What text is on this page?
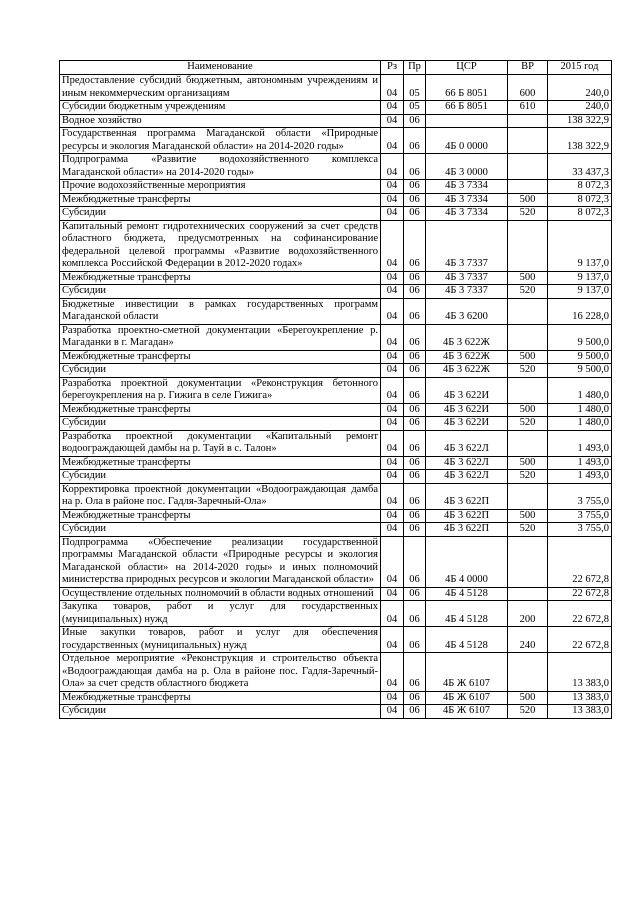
Наименование	Рз	Пр	ЦСР	ВР	2015 год
Предоставление субсидий бюджетным, автономным учреждениям и иным некоммерческим организациям	04	05	66 Б 8051	600	240,0
Субсидии бюджетным учреждениям	04	05	66 Б 8051	610	240,0
Водное хозяйство	04	06			138 322,9
Государственная программа Магаданской области «Природные ресурсы и экология Магаданской области» на 2014-2020 годы»	04	06	4Б 0 0000		138 322,9
Подпрограмма «Развитие водохозяйственного комплекса Магаданской области» на 2014-2020 годы»	04	06	4Б 3 0000		33 437,3
Прочие водохозяйственные мероприятия	04	06	4Б 3 7334		8 072,3
Межбюджетные трансферты	04	06	4Б 3 7334	500	8 072,3
Субсидии	04	06	4Б 3 7334	520	8 072,3
Капитальный ремонт гидротехнических сооружений за счет средств областного бюджета, предусмотренных на софинансирование федеральной целевой программы «Развитие водохозяйственного комплекса Российской Федерации в 2012-2020 годах»	04	06	4Б 3 7337		9 137,0
Межбюджетные трансферты	04	06	4Б 3 7337	500	9 137,0
Субсидии	04	06	4Б 3 7337	520	9 137,0
Бюджетные инвестиции в рамках государственных программ Магаданской области	04	06	4Б 3 6200		16 228,0
Разработка проектно-сметной документации «Берегоукрепление р. Магаданки в г. Магадан»	04	06	4Б 3 622Ж		9 500,0
Межбюджетные трансферты	04	06	4Б 3 622Ж	500	9 500,0
Субсидии	04	06	4Б 3 622Ж	520	9 500,0
Разработка проектной документации «Реконструкция бетонного берегоукрепления на р. Гижига в селе Гижига»	04	06	4Б 3 622И		1 480,0
Межбюджетные трансферты	04	06	4Б 3 622И	500	1 480,0
Субсидии	04	06	4Б 3 622И	520	1 480,0
Разработка проектной документации «Капитальный ремонт водоограждающей дамбы на р. Тауй в с. Талон»	04	06	4Б 3 622Л		1 493,0
Межбюджетные трансферты	04	06	4Б 3 622Л	500	1 493,0
Субсидии	04	06	4Б 3 622Л	520	1 493,0
Корректировка проектной документации «Водоограждающая дамба на р. Ола в районе пос. Гадля-Заречный-Ола»	04	06	4Б 3 622П		3 755,0
Межбюджетные трансферты	04	06	4Б 3 622П	500	3 755,0
Субсидии	04	06	4Б 3 622П	520	3 755,0
Подпрограмма «Обеспечение реализации государственной программы Магаданской области «Природные ресурсы и экология Магаданской области» на 2014-2020 годы» и иных полномочий министерства природных ресурсов и экологии Магаданской области»	04	06	4Б 4 0000		22 672,8
Осуществление отдельных полномочий в области водных отношений	04	06	4Б 4 5128		22 672,8
Закупка товаров, работ и услуг для государственных (муниципальных) нужд	04	06	4Б 4 5128	200	22 672,8
Иные закупки товаров, работ и услуг для обеспечения государственных (муниципальных) нужд	04	06	4Б 4 5128	240	22 672,8
Отдельное мероприятие «Реконструкция и строительство объекта «Водоограждающая дамба на р. Ола в районе пос. Гадля-Заречный-Ола» за счет средств областного бюджета	04	06	4Б Ж 6107		13 383,0
Межбюджетные трансферты	04	06	4Б Ж 6107	500	13 383,0
Субсидии	04	06	4Б Ж 6107	520	13 383,0
